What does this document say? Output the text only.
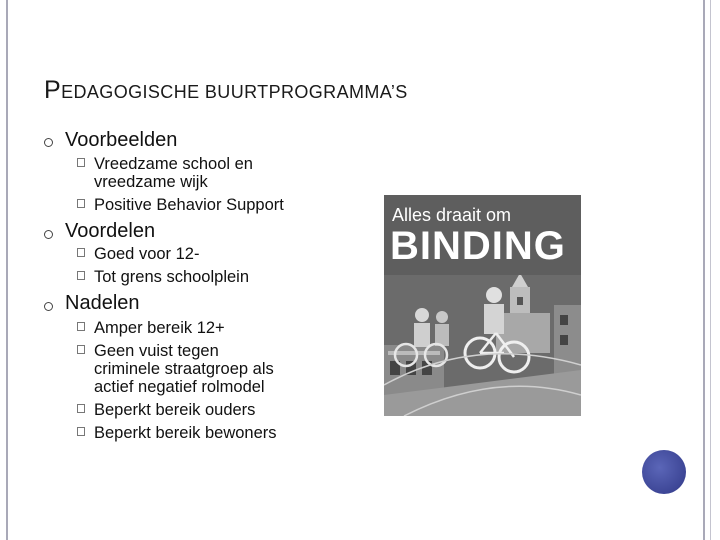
PEDAGOGISCHE BUURTPROGRAMMA’S
Voorbeelden
Vreedzame school en
vreedzame wijk
Positive Behavior Support
Voordelen
Goed voor 12-
Tot grens schoolplein
Nadelen
Amper bereik 12+
Geen vuist tegen
criminele straatgroep als
actief negatief rolmodel
Beperkt bereik ouders
Beperkt bereik bewoners
Alles draait om
BINDING
